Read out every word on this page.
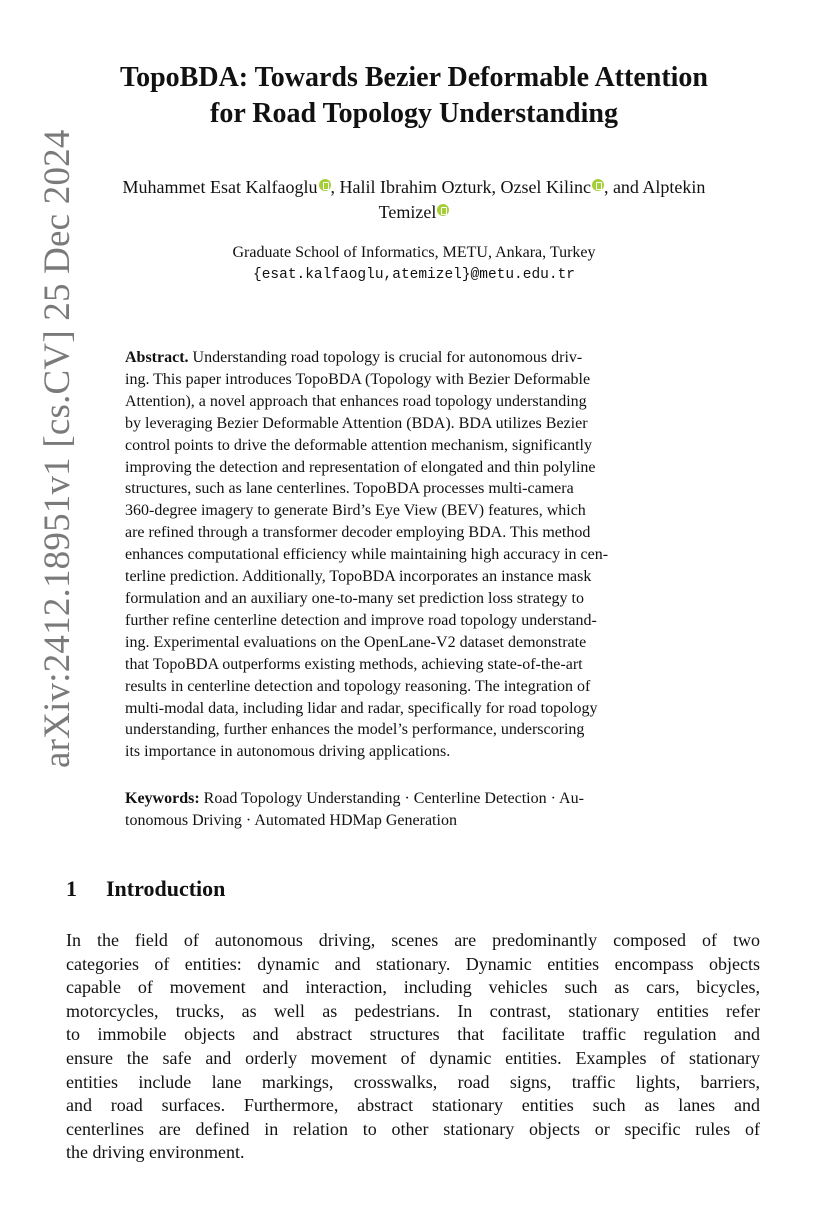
arXiv:2412.18951v1 [cs.CV] 25 Dec 2024
TopoBDA: Towards Bezier Deformable Attention
for Road Topology Understanding
Muhammet Esat Kalfaoglu , Halil Ibrahim Ozturk, Ozsel Kilinc , and Alptekin
Temizel
Graduate School of Informatics, METU, Ankara, Turkey
{esat.kalfaoglu,atemizel}@metu.edu.tr
Abstract. Understanding road topology is crucial for autonomous driv-
ing. This paper introduces TopoBDA (Topology with Bezier Deformable
Attention), a novel approach that enhances road topology understanding
by leveraging Bezier Deformable Attention (BDA). BDA utilizes Bezier
control points to drive the deformable attention mechanism, significantly
improving the detection and representation of elongated and thin polyline
structures, such as lane centerlines. TopoBDA processes multi-camera
360-degree imagery to generate Bird’s Eye View (BEV) features, which
are refined through a transformer decoder employing BDA. This method
enhances computational efficiency while maintaining high accuracy in cen-
terline prediction. Additionally, TopoBDA incorporates an instance mask
formulation and an auxiliary one-to-many set prediction loss strategy to
further refine centerline detection and improve road topology understand-
ing. Experimental evaluations on the OpenLane-V2 dataset demonstrate
that TopoBDA outperforms existing methods, achieving state-of-the-art
results in centerline detection and topology reasoning. The integration of
multi-modal data, including lidar and radar, specifically for road topology
understanding, further enhances the model’s performance, underscoring
its importance in autonomous driving applications.
Keywords: Road Topology Understanding · Centerline Detection · Au-
tonomous Driving · Automated HDMap Generation
1 Introduction
In the field of autonomous driving, scenes are predominantly composed of two
categories of entities: dynamic and stationary. Dynamic entities encompass objects
capable of movement and interaction, including vehicles such as cars, bicycles,
motorcycles, trucks, as well as pedestrians. In contrast, stationary entities refer
to immobile objects and abstract structures that facilitate traffic regulation and
ensure the safe and orderly movement of dynamic entities. Examples of stationary
entities include lane markings, crosswalks, road signs, traffic lights, barriers,
and road surfaces. Furthermore, abstract stationary entities such as lanes and
centerlines are defined in relation to other stationary objects or specific rules of
the driving environment.
